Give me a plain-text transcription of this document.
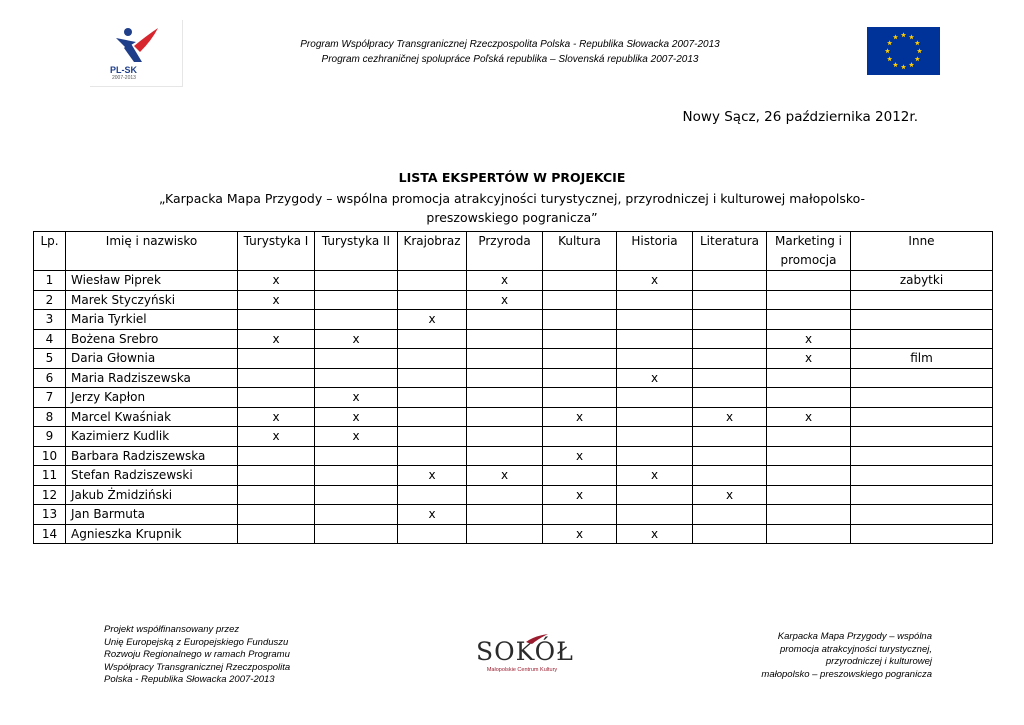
PL-SK
2007-2013
Program Współpracy Transgranicznej Rzeczpospolita Polska - Republika Słowacka 2007-2013
Program cezhraničnej spolupráce Poľská republika – Slovenská republika 2007-2013
Nowy Sącz, 26 października 2012r.
LISTA EKSPERTÓW W PROJEKCIE
„Karpacka Mapa Przygody – wspólna promocja atrakcyjności turystycznej, przyrodniczej i kulturowej małopolsko-preszowskiego pogranicza”
Lp.	Imię i nazwisko	Turystyka I	Turystyka II	Krajobraz	Przyroda	Kultura	Historia	Literatura	Marketing i promocja	Inne
1	Wiesław Piprek	x			x		x			zabytki
2	Marek Styczyński	x			x					
3	Maria Tyrkiel			x						
4	Bożena Srebro	x	x						x	
5	Daria Głownia								x	film
6	Maria Radziszewska						x			
7	Jerzy Kapłon		x							
8	Marcel Kwaśniak	x	x			x		x	x	
9	Kazimierz Kudlik	x	x							
10	Barbara Radziszewska					x				
11	Stefan Radziszewski			x	x		x			
12	Jakub Żmidziński					x		x		
13	Jan Barmuta			x						
14	Agnieszka Krupnik					x	x			
Projekt współfinansowany przez
Unię Europejską z Europejskiego Funduszu
Rozwoju Regionalnego w ramach Programu
Współpracy Transgranicznej Rzeczpospolita
Polska - Republika Słowacka 2007-2013
SOKÓŁ
Małopolskie Centrum Kultury
Karpacka Mapa Przygody – wspólna
promocja atrakcyjności turystycznej,
przyrodniczej i kulturowej
małopolsko – preszowskiego pogranicza
